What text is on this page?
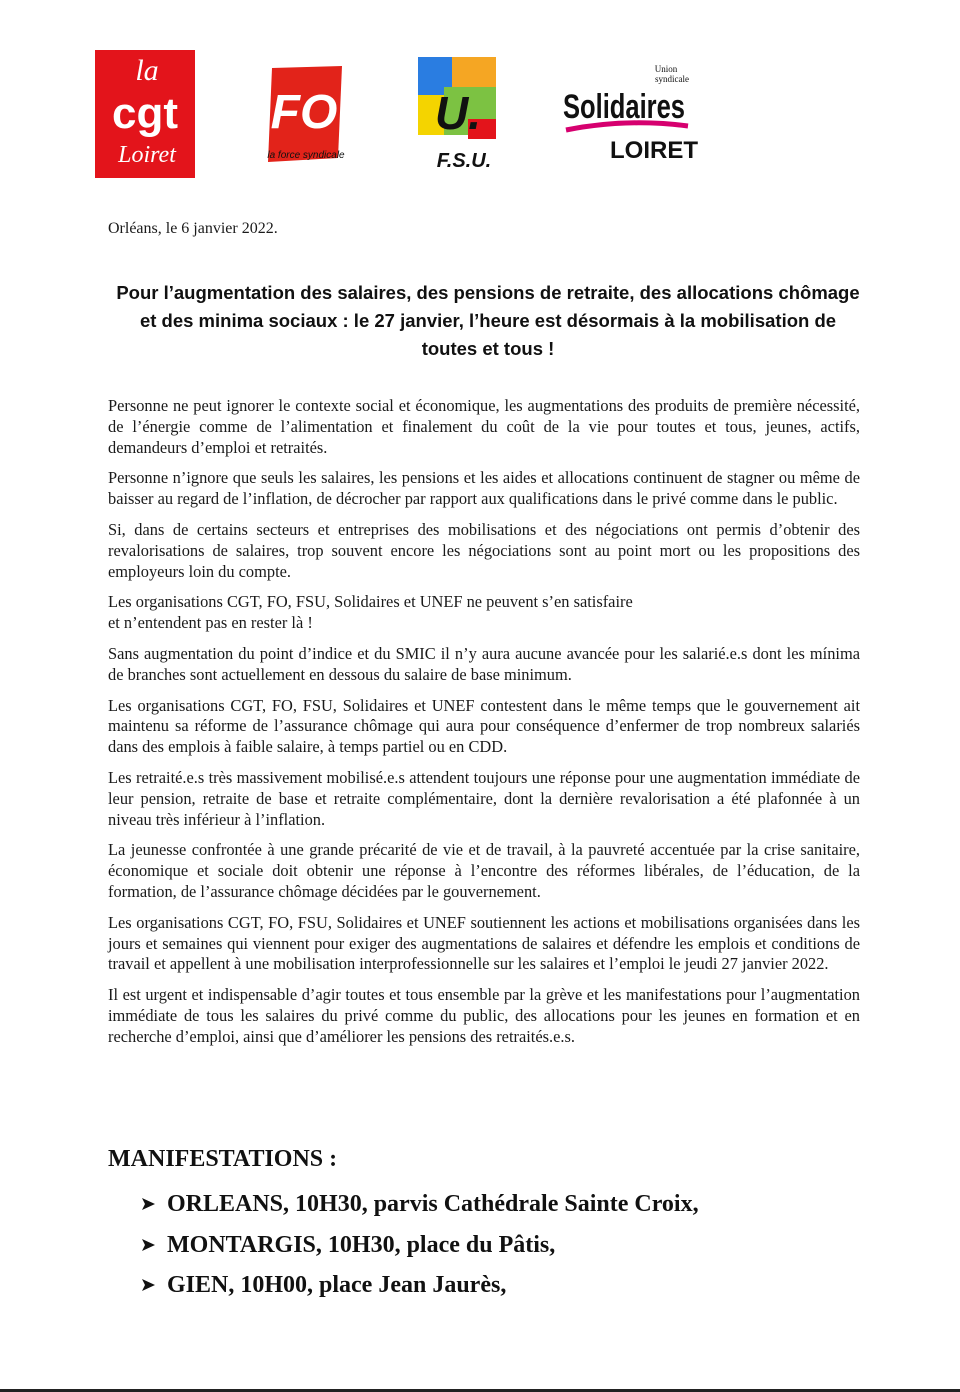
la
cgt
Loiret
FO
la force syndicale
U.
F.S.U.
Union
syndicale
Solidaires
LOIRET
Orléans, le 6 janvier 2022.
Pour l’augmentation des salaires, des pensions de retraite, des allocations chômage et des minima sociaux : le 27 janvier, l’heure est désormais à la mobilisation de toutes et tous !

Personne ne peut ignorer le contexte social et économique, les augmentations des produits de première nécessité, de l’énergie comme de l’alimentation et finalement du coût de la vie pour toutes et tous, jeunes, actifs, demandeurs d’emploi et retraités.

Personne n’ignore que seuls les salaires, les pensions et les aides et allocations continuent de stagner ou même de baisser au regard de l’inflation, de décrocher par rapport aux qualifications dans le privé comme dans le public.

Si, dans de certains secteurs et entreprises des mobilisations et des négociations ont permis d’obtenir des revalorisations de salaires, trop souvent encore les négociations sont au point mort ou les propositions des employeurs loin du compte.

Les organisations CGT, FO, FSU, Solidaires et UNEF ne peuvent s’en satisfaire

et n’entendent pas en rester là !

Sans augmentation du point d’indice et du SMIC il n’y aura aucune avancée pour les salarié.e.s dont les mínima de branches sont actuellement en dessous du salaire de base minimum.

Les organisations CGT, FO, FSU, Solidaires et UNEF contestent dans le même temps que le gouvernement ait maintenu sa réforme de l’assurance chômage qui aura pour conséquence d’enfermer de trop nombreux salariés dans des emplois à faible salaire, à temps partiel ou en CDD.

Les retraité.e.s très massivement mobilisé.e.s attendent toujours une réponse pour une augmentation immédiate de leur pension, retraite de base et retraite complémentaire, dont la dernière revalorisation a été plafonnée à un niveau très inférieur à l’inflation.

La jeunesse confrontée à une grande précarité de vie et de travail, à la pauvreté accentuée par la crise sanitaire, économique et sociale doit obtenir une réponse à l’encontre des réformes libérales, de l’éducation, de la formation, de l’assurance chômage décidées par le gouvernement.

Les organisations CGT, FO, FSU, Solidaires et UNEF soutiennent les actions et mobilisations organisées dans les jours et semaines qui viennent pour exiger des augmentations de salaires et défendre les emplois et conditions de travail et appellent à une mobilisation interprofessionnelle sur les salaires et l’emploi le jeudi 27 janvier 2022.

Il est urgent et indispensable d’agir toutes et tous ensemble par la grève et les manifestations pour l’augmentation immédiate de tous les salaires du privé comme du public, des allocations pour les jeunes en formation et en recherche d’emploi, ainsi que d’améliorer les pensions des retraités.e.s.

MANIFESTATIONS :
ORLEANS, 10H30, parvis Cathédrale Sainte Croix,
MONTARGIS, 10H30, place du Pâtis,
GIEN, 10H00, place Jean Jaurès,
